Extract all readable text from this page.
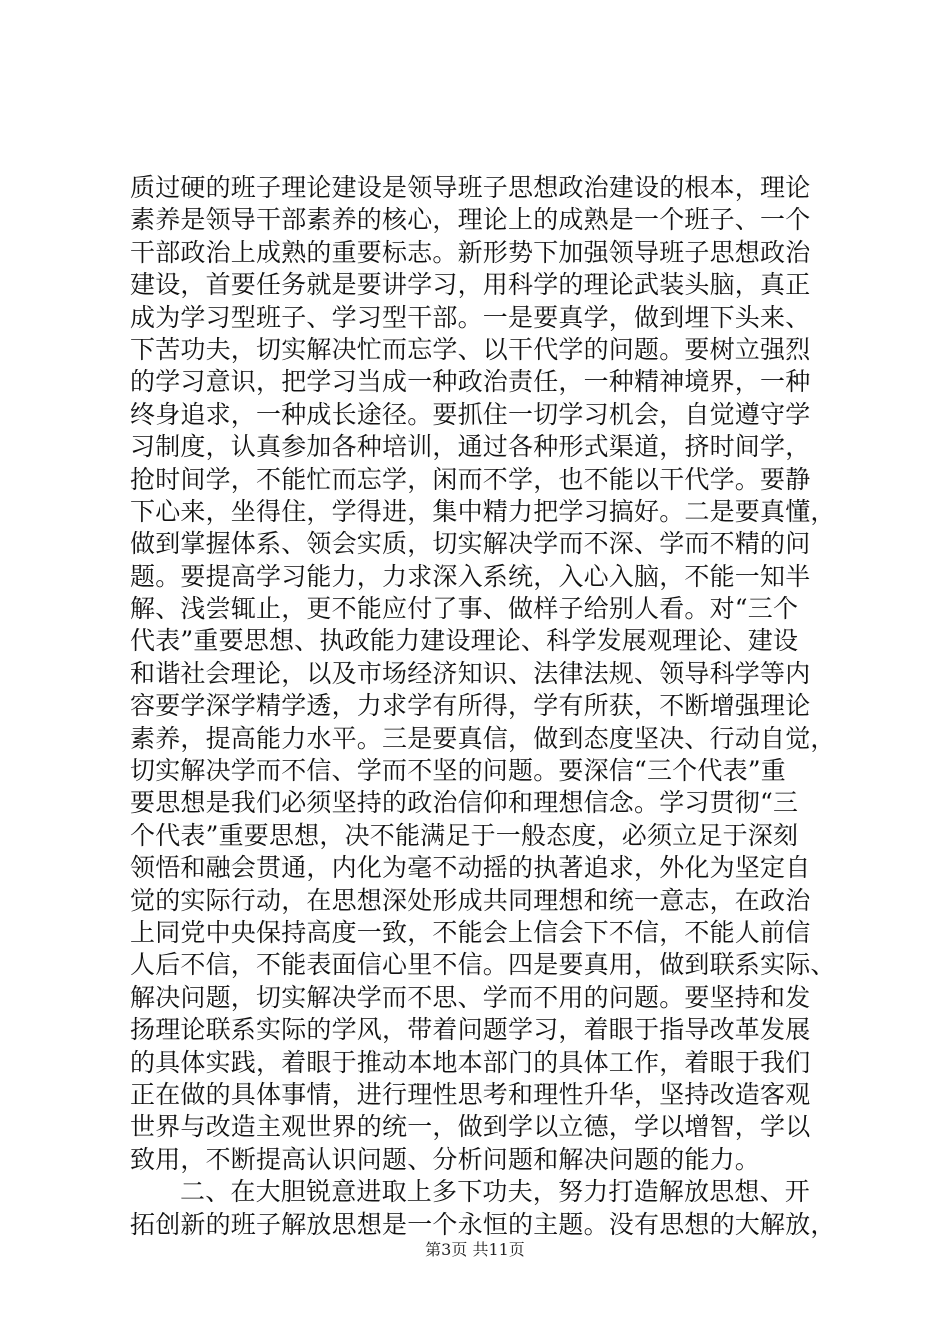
质过硬的班子理论建设是领导班子思想政治建设的根本，理论
素养是领导干部素养的核心，理论上的成熟是一个班子、一个
干部政治上成熟的重要标志。新形势下加强领导班子思想政治
建设，首要任务就是要讲学习，用科学的理论武装头脑，真正
成为学习型班子、学习型干部。一是要真学，做到埋下头来、
下苦功夫，切实解决忙而忘学、以干代学的问题。要树立强烈
的学习意识，把学习当成一种政治责任，一种精神境界，一种
终身追求，一种成长途径。要抓住一切学习机会，自觉遵守学
习制度，认真参加各种培训，通过各种形式渠道，挤时间学，
抢时间学，不能忙而忘学，闲而不学，也不能以干代学。要静
下心来，坐得住，学得进，集中精力把学习搞好。二是要真懂，
做到掌握体系、领会实质，切实解决学而不深、学而不精的问
题。要提高学习能力，力求深入系统，入心入脑，不能一知半
解、浅尝辄止，更不能应付了事、做样子给别人看。对“三个
代表”重要思想、执政能力建设理论、科学发展观理论、建设
和谐社会理论，以及市场经济知识、法律法规、领导科学等内
容要学深学精学透，力求学有所得，学有所获，不断增强理论
素养，提高能力水平。三是要真信，做到态度坚决、行动自觉，
切实解决学而不信、学而不坚的问题。要深信“三个代表”重
要思想是我们必须坚持的政治信仰和理想信念。学习贯彻“三
个代表”重要思想，决不能满足于一般态度，必须立足于深刻
领悟和融会贯通，内化为毫不动摇的执著追求，外化为坚定自
觉的实际行动，在思想深处形成共同理想和统一意志，在政治
上同党中央保持高度一致，不能会上信会下不信，不能人前信
人后不信，不能表面信心里不信。四是要真用，做到联系实际、
解决问题，切实解决学而不思、学而不用的问题。要坚持和发
扬理论联系实际的学风，带着问题学习，着眼于指导改革发展
的具体实践，着眼于推动本地本部门的具体工作，着眼于我们
正在做的具体事情，进行理性思考和理性升华，坚持改造客观
世界与改造主观世界的统一，做到学以立德，学以增智，学以
致用，不断提高认识问题、分析问题和解决问题的能力。
二、在大胆锐意进取上多下功夫，努力打造解放思想、开
拓创新的班子解放思想是一个永恒的主题。没有思想的大解放，
第3页 共11页
